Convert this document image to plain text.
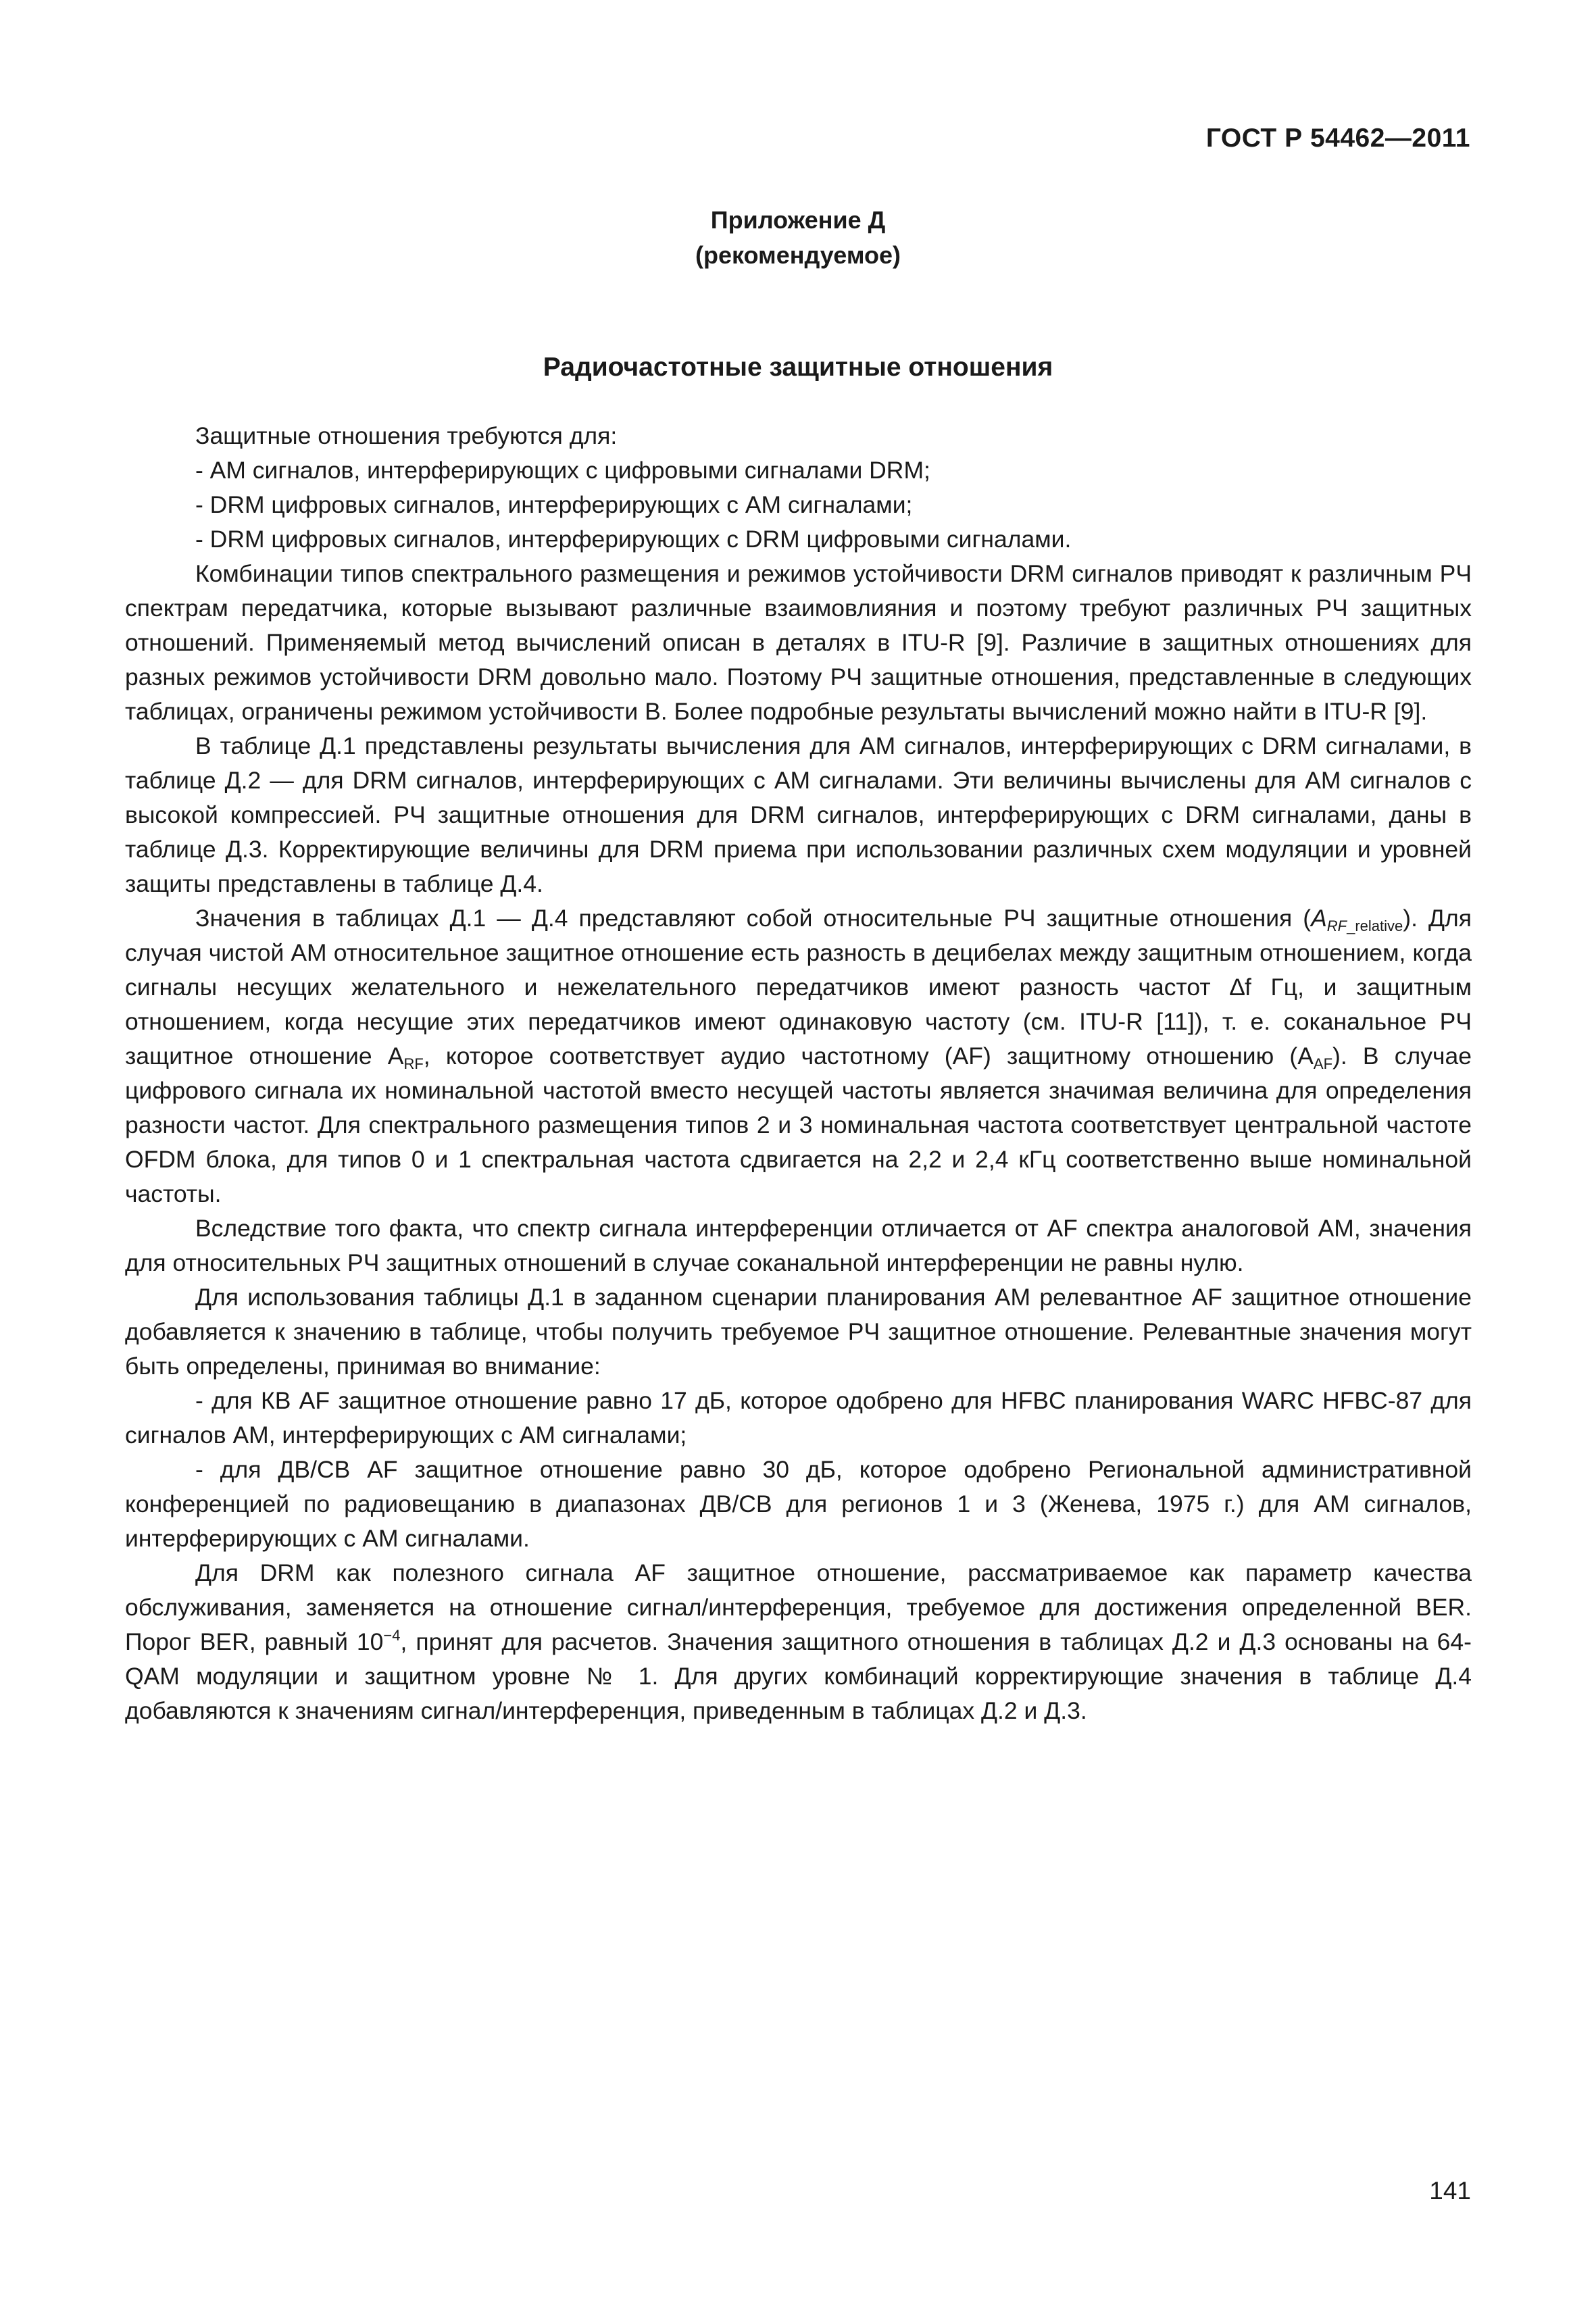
ГОСТ Р 54462—2011
Приложение Д
(рекомендуемое)
Радиочастотные защитные отношения

Защитные отношения требуются для:

- АМ сигналов, интерферирующих с цифровыми сигналами DRM;

- DRM цифровых сигналов, интерферирующих с АМ сигналами;

- DRM цифровых сигналов, интерферирующих с DRM цифровыми сигналами.

Комбинации типов спектрального размещения и режимов устойчивости DRM сигналов приводят к различным РЧ спектрам передатчика, которые вызывают различные взаимовлияния и поэтому требуют различных РЧ защитных отношений. Применяемый метод вычислений описан в деталях в ITU-R [9]. Различие в защитных отношениях для разных режимов устойчивости DRM довольно мало. Поэтому РЧ защитные отношения, представленные в следующих таблицах, ограничены режимом устойчивости В. Более подробные результаты вычислений можно найти в ITU-R [9].

В таблице Д.1 представлены результаты вычисления для АМ сигналов, интерферирующих с DRM сигналами, в таблице Д.2 — для DRM сигналов, интерферирующих с АМ сигналами. Эти величины вычислены для АМ сигналов с высокой компрессией. РЧ защитные отношения для DRM сигналов, интерферирующих с DRM сигналами, даны в таблице Д.3. Корректирующие величины для DRM приема при использовании различных схем модуляции и уровней защиты представлены в таблице Д.4.

Значения в таблицах Д.1 — Д.4 представляют собой относительные РЧ защитные отношения $(A_{RF\_relative})$. Для случая чистой АМ относительное защитное отношение есть разность в децибелах между защитным отношением, когда сигналы несущих желательного и нежелательного передатчиков имеют разность частот ∆f Гц, и защитным отношением, когда несущие этих передатчиков имеют одинаковую частоту (см. ITU-R [11]), т. е. соканальное РЧ защитное отношение $A_{RF}$, которое соответствует аудио частотному (AF) защитному отношению $(A_{AF})$. В случае цифрового сигнала их номинальной частотой вместо несущей частоты является значимая величина для определения разности частот. Для спектрального размещения типов 2 и 3 номинальная частота соответствует центральной частоте OFDM блока, для типов 0 и 1 спектральная частота сдвигается на 2,2 и 2,4 кГц соответственно выше номинальной частоты.

Вследствие того факта, что спектр сигнала интерференции отличается от AF спектра аналоговой АМ, значения для относительных РЧ защитных отношений в случае соканальной интерференции не равны нулю.

Для использования таблицы Д.1 в заданном сценарии планирования АМ релевантное AF защитное отношение добавляется к значению в таблице, чтобы получить требуемое РЧ защитное отношение. Релевантные значения могут быть определены, принимая во внимание:

- для КВ AF защитное отношение равно 17 дБ, которое одобрено для HFBC планирования WARC HFBC-87 для сигналов АМ, интерферирующих с АМ сигналами;

- для ДВ/СВ AF защитное отношение равно 30 дБ, которое одобрено Региональной административной конференцией по радиовещанию в диапазонах ДВ/СВ для регионов 1 и 3 (Женева, 1975 г.) для АМ сигналов, интерферирующих с АМ сигналами.

Для DRM как полезного сигнала AF защитное отношение, рассматриваемое как параметр качества обслуживания, заменяется на отношение сигнал/интерференция, требуемое для достижения определенной BER. Порог BER, равный $10^{-4}$, принят для расчетов. Значения защитного отношения в таблицах Д.2 и Д.3 основаны на 64-QAM модуляции и защитном уровне № 1. Для других комбинаций корректирующие значения в таблице Д.4 добавляются к значениям сигнал/интерференция, приведенным в таблицах Д.2 и Д.3.

141
